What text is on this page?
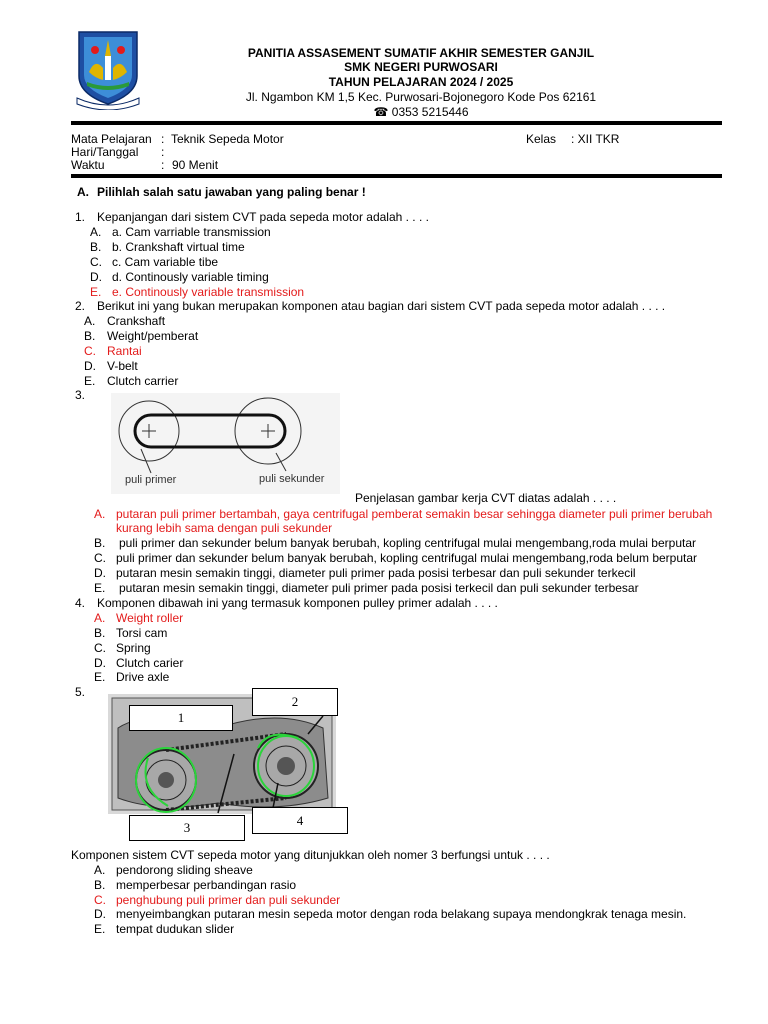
PANITIA ASSASEMENT SUMATIF AKHIR SEMESTER GANJIL
SMK NEGERI PURWOSARI
TAHUN PELAJARAN 2024 / 2025
Jl. Ngambon KM 1,5 Kec. Purwosari-Bojonegoro Kode Pos 62161
☎ 0353 5215446
Mata Pelajaran : Teknik Sepeda Motor	Kelas : XII TKR
Hari/Tanggal :
Waktu	: 90 Menit
A. Pilihlah salah satu jawaban yang paling benar !
1. Kepanjangan dari sistem CVT pada sepeda motor adalah . . . .
A. a. Cam varriable transmission
B. b. Crankshaft virtual time
C. c. Cam variable tibe
D. d. Continously variable timing
E. e. Continously variable transmission
2. Berikut ini yang bukan merupakan komponen atau bagian dari sistem CVT pada sepeda motor adalah . . . .
A. Crankshaft
B. Weight/pemberat
C. Rantai
D. V-belt
E. Clutch carrier
3.
puli primer	puli sekunder
Penjelasan gambar kerja CVT diatas adalah . . . .
A. putaran puli primer bertambah, gaya centrifugal pemberat semakin besar sehingga diameter puli primer berubah
kurang lebih sama dengan puli sekunder
B. puli primer dan sekunder belum banyak berubah, kopling centrifugal mulai mengembang,roda mulai berputar
C. puli primer dan sekunder belum banyak berubah, kopling centrifugal mulai mengembang,roda belum berputar
D. putaran mesin semakin tinggi, diameter puli primer pada posisi terbesar dan puli sekunder terkecil
E. putaran mesin semakin tinggi, diameter puli primer pada posisi terkecil dan puli sekunder terbesar
4. Komponen dibawah ini yang termasuk komponen pulley primer adalah . . . .
A. Weight roller
B. Torsi cam
C. Spring
D. Clutch carier
E. Drive axle
5.
1
2
3	4
Komponen sistem CVT sepeda motor yang ditunjukkan oleh nomer 3 berfungsi untuk . . . .
A. pendorong sliding sheave
B. memperbesar perbandingan rasio
C. penghubung puli primer dan puli sekunder
D. menyeimbangkan putaran mesin sepeda motor dengan roda belakang supaya mendongkrak tenaga mesin.
E. tempat dudukan slider
